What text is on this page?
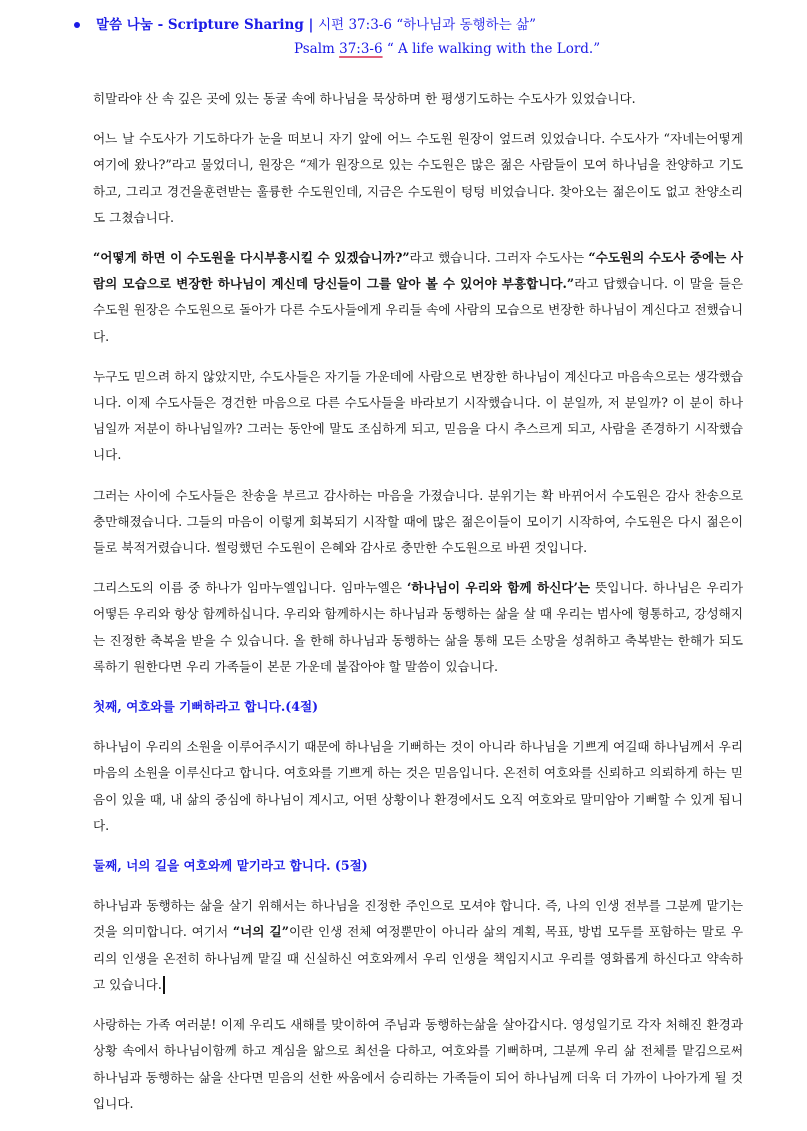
말씀 나눔 - Scripture Sharing | 시편 37:3-6 “하나님과 동행하는 삶”
Psalm 37:3-6 “ A life walking with the Lord.”

히말라야 산 속 깊은 곳에 있는 동굴 속에 하나님을 묵상하며 한 평생기도하는 수도사가 있었습니다.

어느 날 수도사가 기도하다가 눈을 떠보니 자기 앞에 어느 수도원 원장이 엎드려 있었습니다. 수도사가 “자네는어떻게 여기에 왔나?”라고 물었더니, 원장은 “제가 원장으로 있는 수도원은 많은 젊은 사람들이 모여 하나님을 찬양하고 기도하고, 그리고 경건을훈련받는 훌륭한 수도원인데, 지금은 수도원이 텅텅 비었습니다. 찾아오는 젊은이도 없고 찬양소리도 그쳤습니다.

“어떻게 하면 이 수도원을 다시부흥시킬 수 있겠습니까?”라고 했습니다. 그러자 수도사는 “수도원의 수도사 중에는 사람의 모습으로 변장한 하나님이 계신데 당신들이 그를 알아 볼 수 있어야 부흥합니다.”라고 답했습니다. 이 말을 들은 수도원 원장은 수도원으로 돌아가 다른 수도사들에게 우리들 속에 사람의 모습으로 변장한 하나님이 계신다고 전했습니다.

누구도 믿으려 하지 않았지만, 수도사들은 자기들 가운데에 사람으로 변장한 하나님이 계신다고 마음속으로는 생각했습니다. 이제 수도사들은 경건한 마음으로 다른 수도사들을 바라보기 시작했습니다. 이 분일까, 저 분일까? 이 분이 하나님일까 저분이 하나님일까? 그러는 동안에 말도 조심하게 되고, 믿음을 다시 추스르게 되고, 사람을 존경하기 시작했습니다.

그러는 사이에 수도사들은 찬송을 부르고 감사하는 마음을 가졌습니다. 분위기는 확 바뀌어서 수도원은 감사 찬송으로 충만해졌습니다. 그들의 마음이 이렇게 회복되기 시작할 때에 많은 젊은이들이 모이기 시작하여, 수도원은 다시 젊은이들로 북적거렸습니다. 썰렁했던 수도원이 은혜와 감사로 충만한 수도원으로 바뀐 것입니다.

그리스도의 이름 중 하나가 임마누엘입니다. 임마누엘은 ‘하나님이 우리와 함께 하신다’는 뜻입니다. 하나님은 우리가 어떻든 우리와 항상 함께하십니다. 우리와 함께하시는 하나님과 동행하는 삶을 살 때 우리는 범사에 형통하고, 강성해지는 진정한 축복을 받을 수 있습니다. 올 한해 하나님과 동행하는 삶을 통해 모든 소망을 성취하고 축복받는 한해가 되도록하기 원한다면 우리 가족들이 본문 가운데 붙잡아야 할 말씀이 있습니다.

첫째, 여호와를 기뻐하라고 합니다.(4절)

하나님이 우리의 소원을 이루어주시기 때문에 하나님을 기뻐하는 것이 아니라 하나님을 기쁘게 여길때 하나님께서 우리 마음의 소원을 이루신다고 합니다. 여호와를 기쁘게 하는 것은 믿음입니다. 온전히 여호와를 신뢰하고 의뢰하게 하는 믿음이 있을 때, 내 삶의 중심에 하나님이 계시고, 어떤 상황이나 환경에서도 오직 여호와로 말미암아 기뻐할 수 있게 됩니다.

둘째, 너의 길을 여호와께 맡기라고 합니다. (5절)

하나님과 동행하는 삶을 살기 위해서는 하나님을 진정한 주인으로 모셔야 합니다. 즉, 나의 인생 전부를 그분께 맡기는 것을 의미합니다. 여기서 “너의 길”이란 인생 전체 여정뿐만이 아니라 삶의 계획, 목표, 방법 모두를 포함하는 말로 우리의 인생을 온전히 하나님께 맡길 때 신실하신 여호와께서 우리 인생을 책임지시고 우리를 영화롭게 하신다고 약속하고 있습니다.

사랑하는 가족 여러분! 이제 우리도 새해를 맞이하여 주님과 동행하는삶을 살아갑시다. 영성일기로 각자 처해진 환경과 상황 속에서 하나님이함께 하고 계심을 앎으로 최선을 다하고, 여호와를 기뻐하며, 그분께 우리 삶 전체를 맡김으로써 하나님과 동행하는 삶을 산다면 믿음의 선한 싸움에서 승리하는 가족들이 되어 하나님께 더욱 더 가까이 나아가게 될 것입니다.
